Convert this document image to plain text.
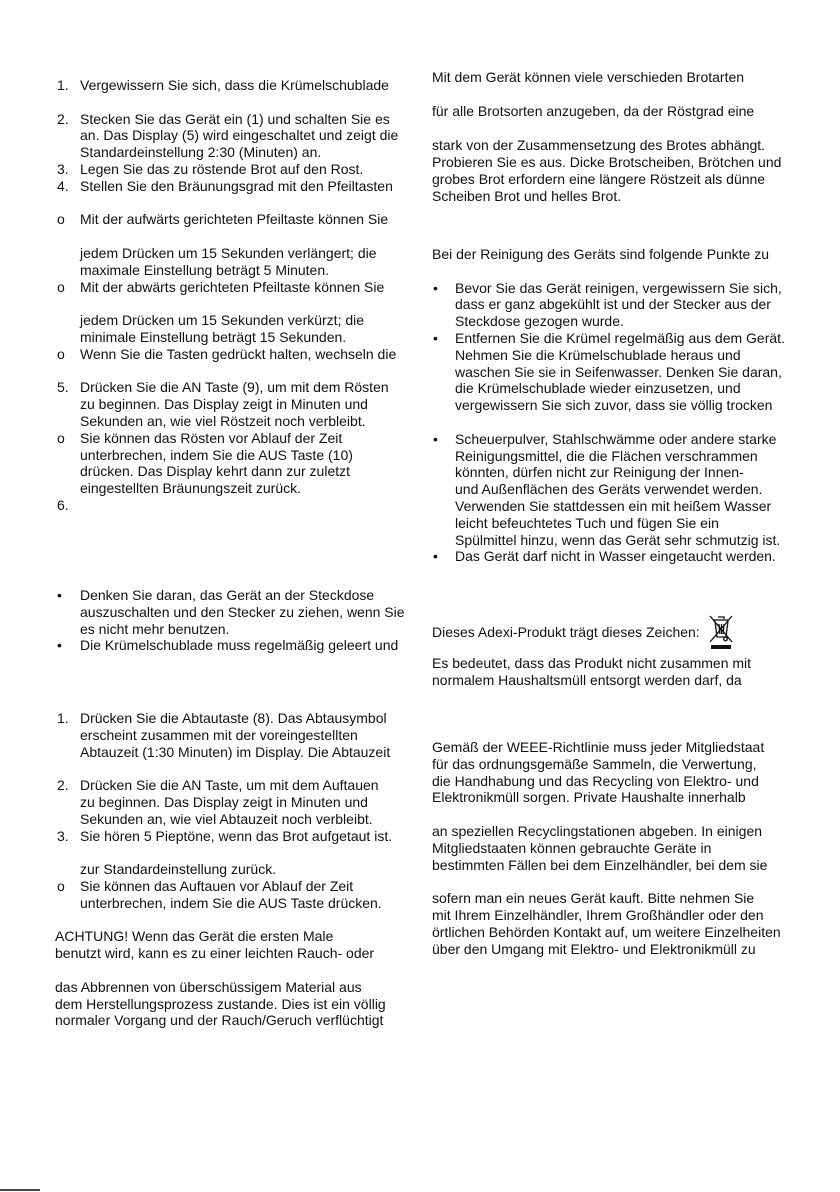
1. Vergewissern Sie sich, dass die Krümelschublade
2. Stecken Sie das Gerät ein (1) und schalten Sie es
an. Das Display (5) wird eingeschaltet und zeigt die
Standardeinstellung 2:30 (Minuten) an.
3. Legen Sie das zu röstende Brot auf den Rost.
4. Stellen Sie den Bräunungsgrad mit den Pfeiltasten
o Mit der aufwärts gerichteten Pfeiltaste können Sie
jedem Drücken um 15 Sekunden verlängert; die
maximale Einstellung beträgt 5 Minuten.
o Mit der abwärts gerichteten Pfeiltaste können Sie
jedem Drücken um 15 Sekunden verkürzt; die
minimale Einstellung beträgt 15 Sekunden.
o Wenn Sie die Tasten gedrückt halten, wechseln die
5. Drücken Sie die AN Taste (9), um mit dem Rösten
zu beginnen. Das Display zeigt in Minuten und
Sekunden an, wie viel Röstzeit noch verbleibt.
o Sie können das Rösten vor Ablauf der Zeit
unterbrechen, indem Sie die AUS Taste (10)
drücken. Das Display kehrt dann zur zuletzt
eingestellten Bräunungszeit zurück.
6.
• Denken Sie daran, das Gerät an der Steckdose
auszuschalten und den Stecker zu ziehen, wenn Sie
es nicht mehr benutzen.
• Die Krümelschublade muss regelmäßig geleert und
1. Drücken Sie die Abtautaste (8). Das Abtausymbol
erscheint zusammen mit der voreingestellten
Abtauzeit (1:30 Minuten) im Display. Die Abtauzeit
2. Drücken Sie die AN Taste, um mit dem Auftauen
zu beginnen. Das Display zeigt in Minuten und
Sekunden an, wie viel Abtauzeit noch verbleibt.
3. Sie hören 5 Pieptöne, wenn das Brot aufgetaut ist.
zur Standardeinstellung zurück.
o Sie können das Auftauen vor Ablauf der Zeit
unterbrechen, indem Sie die AUS Taste drücken.
ACHTUNG! Wenn das Gerät die ersten Male
benutzt wird, kann es zu einer leichten Rauch- oder
das Abbrennen von überschüssigem Material aus
dem Herstellungsprozess zustande. Dies ist ein völlig
normaler Vorgang und der Rauch/Geruch verflüchtigt
Mit dem Gerät können viele verschieden Brotarten
für alle Brotsorten anzugeben, da der Röstgrad eine
stark von der Zusammensetzung des Brotes abhängt.
Probieren Sie es aus. Dicke Brotscheiben, Brötchen und
grobes Brot erfordern eine längere Röstzeit als dünne
Scheiben Brot und helles Brot.
Bei der Reinigung des Geräts sind folgende Punkte zu
• Bevor Sie das Gerät reinigen, vergewissern Sie sich,
dass er ganz abgekühlt ist und der Stecker aus der
Steckdose gezogen wurde.
• Entfernen Sie die Krümel regelmäßig aus dem Gerät.
Nehmen Sie die Krümelschublade heraus und
waschen Sie sie in Seifenwasser. Denken Sie daran,
die Krümelschublade wieder einzusetzen, und
vergewissern Sie sich zuvor, dass sie völlig trocken
• Scheuerpulver, Stahlschwämme oder andere starke
Reinigungsmittel, die die Flächen verschrammen
könnten, dürfen nicht zur Reinigung der Innen-
und Außenflächen des Geräts verwendet werden.
Verwenden Sie stattdessen ein mit heißem Wasser
leicht befeuchtetes Tuch und fügen Sie ein
Spülmittel hinzu, wenn das Gerät sehr schmutzig ist.
• Das Gerät darf nicht in Wasser eingetaucht werden.
Dieses Adexi-Produkt trägt dieses Zeichen:
Es bedeutet, dass das Produkt nicht zusammen mit
normalem Haushaltsmüll entsorgt werden darf, da
Gemäß der WEEE-Richtlinie muss jeder Mitgliedstaat
für das ordnungsgemäße Sammeln, die Verwertung,
die Handhabung und das Recycling von Elektro- und
Elektronikmüll sorgen. Private Haushalte innerhalb
an speziellen Recyclingstationen abgeben. In einigen
Mitgliedstaaten können gebrauchte Geräte in
bestimmten Fällen bei dem Einzelhändler, bei dem sie
sofern man ein neues Gerät kauft. Bitte nehmen Sie
mit Ihrem Einzelhändler, Ihrem Großhändler oder den
örtlichen Behörden Kontakt auf, um weitere Einzelheiten
über den Umgang mit Elektro- und Elektronikmüll zu
